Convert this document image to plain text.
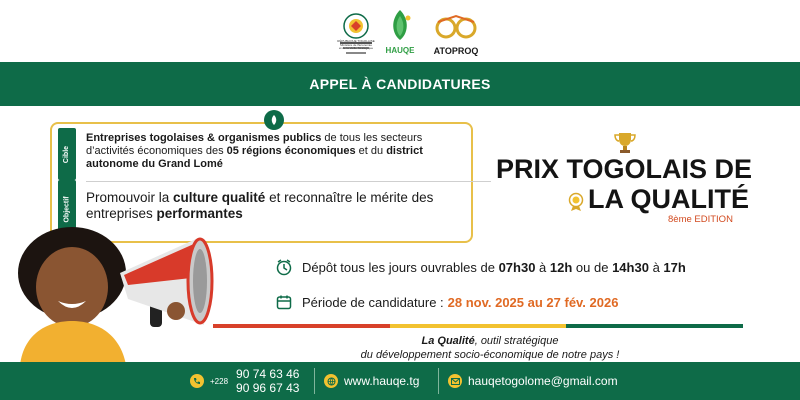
HAUQE ATOPROQ
APPEL À CANDIDATURES
Cible
Entreprises togolaises & organismes publics de tous les secteurs d’activités économiques des 05 régions économiques et du district autonome du Grand Lomé
Objectif	Promouvoir la culture qualité et reconnaître le mérite des entreprises performantes
PRIX TOGOLAIS DE
LA QUALITÉ
8ème EDITION
Dépôt tous les jours ouvrables de 07h30 à 12h ou de 14h30 à 17h
Période de candidature : 28 nov. 2025 au 27 fév. 2026
La Qualité, outil stratégique
du développement socio-économique de notre pays !
+228 90 74 63 46
90 96 67 43	www.hauqe.tg	hauqetogolome@gmail.com
RÉPUBLIQUE TOGOLAISE
Ministère de l'Économie
et de la Veille Stratégique
